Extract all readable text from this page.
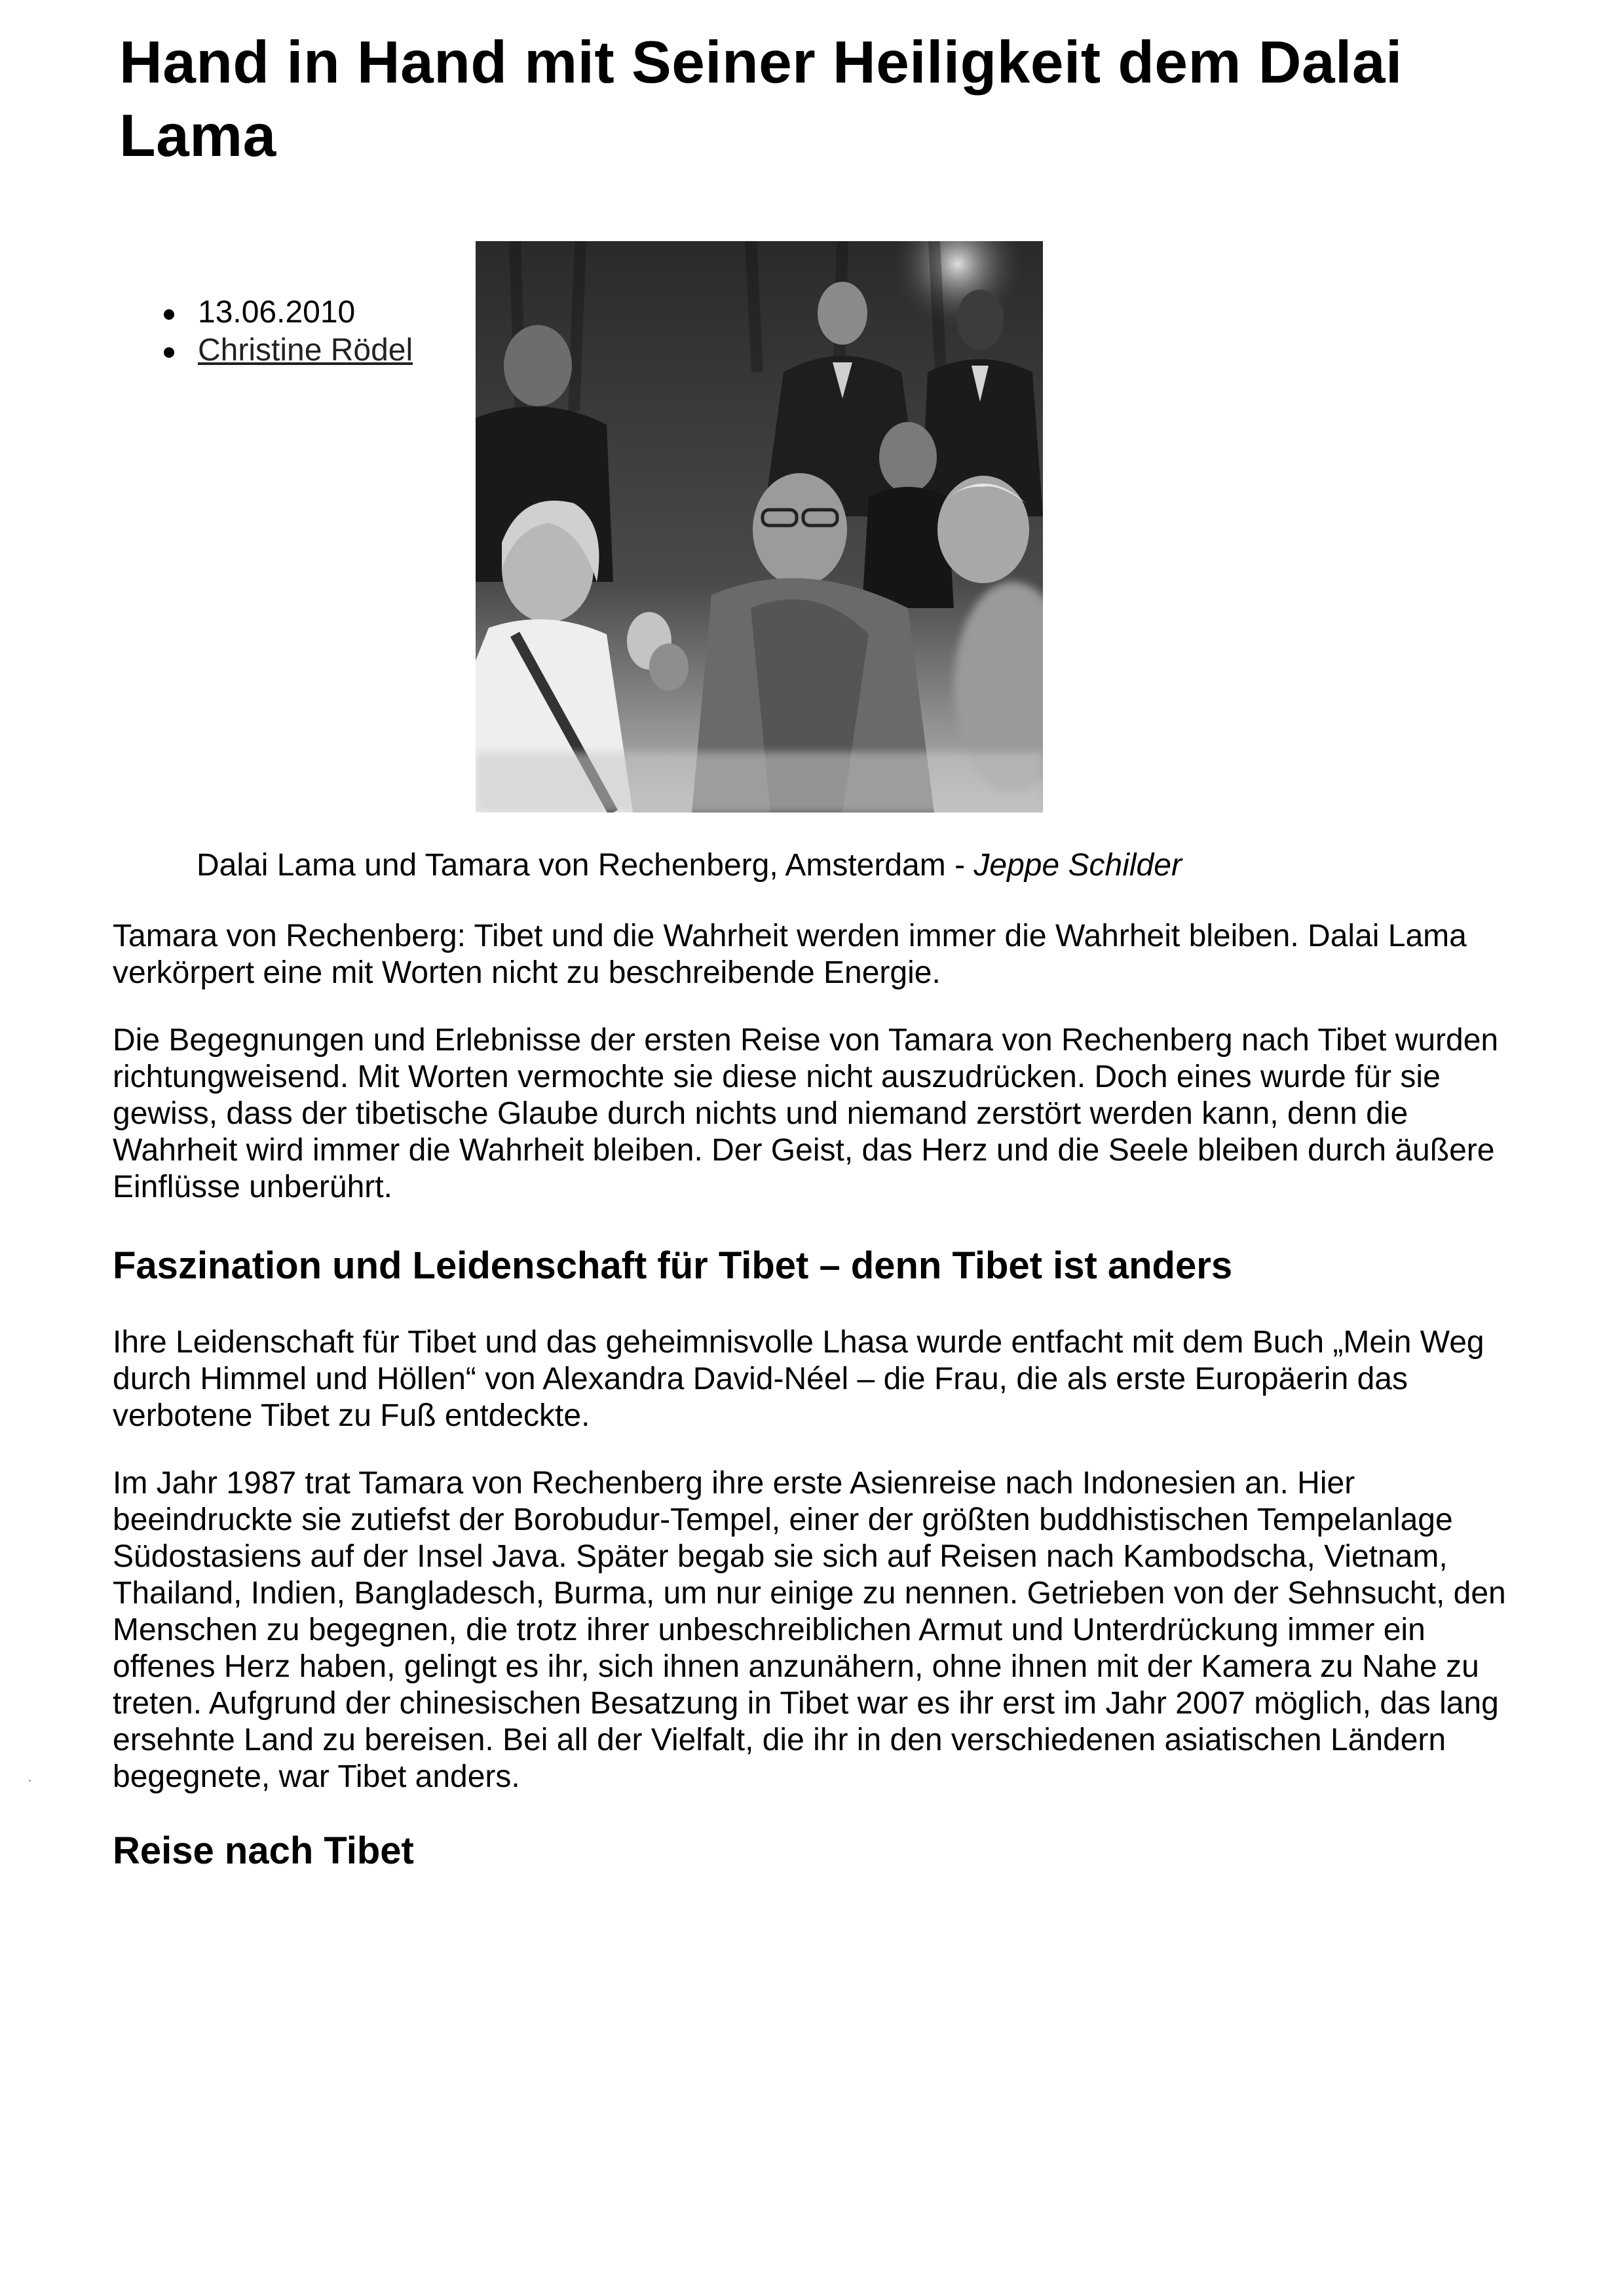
Hand in Hand mit Seiner Heiligkeit dem Dalai Lama
13.06.2010
Christine Rödel

Dalai Lama und Tamara von Rechenberg, Amsterdam - Jeppe Schilder

Tamara von Rechenberg: Tibet und die Wahrheit werden immer die Wahrheit bleiben. Dalai Lama verkörpert eine mit Worten nicht zu beschreibende Energie.

Die Begegnungen und Erlebnisse der ersten Reise von Tamara von Rechenberg nach Tibet wurden richtungweisend. Mit Worten vermochte sie diese nicht auszudrücken. Doch eines wurde für sie gewiss, dass der tibetische Glaube durch nichts und niemand zerstört werden kann, denn die Wahrheit wird immer die Wahrheit bleiben. Der Geist, das Herz und die Seele bleiben durch äußere Einflüsse unberührt.

Faszination und Leidenschaft für Tibet – denn Tibet ist anders

Ihre Leidenschaft für Tibet und das geheimnisvolle Lhasa wurde entfacht mit dem Buch „Mein Weg durch Himmel und Höllen“ von Alexandra David-Néel – die Frau, die als erste Europäerin das verbotene Tibet zu Fuß entdeckte.

Im Jahr 1987 trat Tamara von Rechenberg ihre erste Asienreise nach Indonesien an. Hier beeindruckte sie zutiefst der Borobudur-Tempel, einer der größten buddhistischen Tempelanlage Südostasiens auf der Insel Java. Später begab sie sich auf Reisen nach Kambodscha, Vietnam, Thailand, Indien, Bangladesch, Burma, um nur einige zu nennen. Getrieben von der Sehnsucht, den Menschen zu begegnen, die trotz ihrer unbeschreiblichen Armut und Unterdrückung immer ein offenes Herz haben, gelingt es ihr, sich ihnen anzunähern, ohne ihnen mit der Kamera zu Nahe zu treten. Aufgrund der chinesischen Besatzung in Tibet war es ihr erst im Jahr 2007 möglich, das lang ersehnte Land zu bereisen. Bei all der Vielfalt, die ihr in den verschiedenen asiatischen Ländern begegnete, war Tibet anders.

Reise nach Tibet
